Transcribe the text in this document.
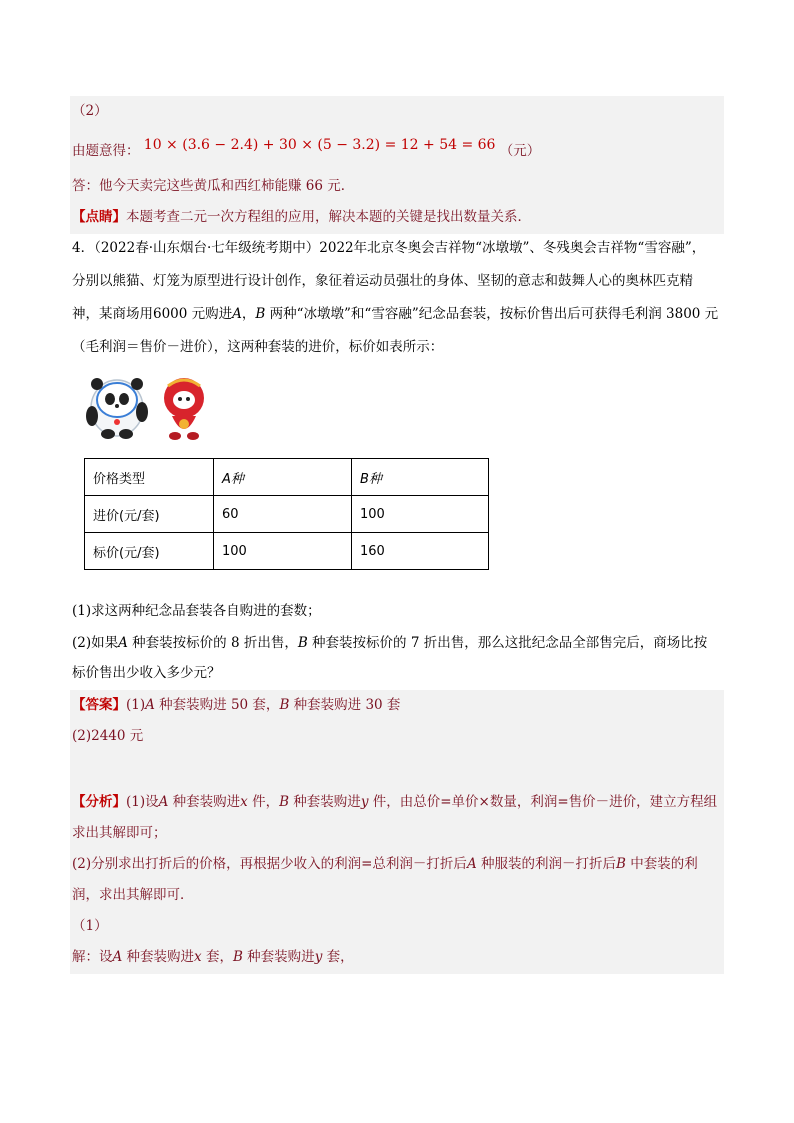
（2）
由题意得： 10 × (3.6 − 2.4) + 30 × (5 − 3.2) = 12 + 54 = 66 （元）
答：他今天卖完这些黄瓜和西红柿能赚 66 元．
【点睛】本题考查二元一次方程组的应用，解决本题的关键是找出数量关系．
4．（2022春·山东烟台·七年级统考期中）2022年北京冬奥会吉祥物“冰墩墩”、冬残奥会吉祥物“雪容融”，
分别以熊猫、灯笼为原型进行设计创作，象征着运动员强壮的身体、坚韧的意志和鼓舞人心的奥林匹克精
神，某商场用6000 元购进A，B 两种“冰墩墩”和“雪容融”纪念品套装，按标价售出后可获得毛利润 3800 元
（毛利润＝售价－进价），这两种套装的进价，标价如表所示：
价格类型	A种	B种
进价(元/套)	60	100
标价(元/套)	100	160
(1)求这两种纪念品套装各自购进的套数；
(2)如果A 种套装按标价的 8 折出售，B 种套装按标价的 7 折出售，那么这批纪念品全部售完后，商场比按
标价售出少收入多少元？
【答案】(1)A 种套装购进 50 套，B 种套装购进 30 套
(2)2440 元
【分析】(1)设A 种套装购进x 件，B 种套装购进y 件，由总价=单价×数量，利润=售价－进价，建立方程组
求出其解即可；
(2)分别求出打折后的价格，再根据少收入的利润=总利润－打折后A 种服装的利润－打折后B 中套装的利
润，求出其解即可．
（1）
解：设A 种套装购进x 套，B 种套装购进y 套，
